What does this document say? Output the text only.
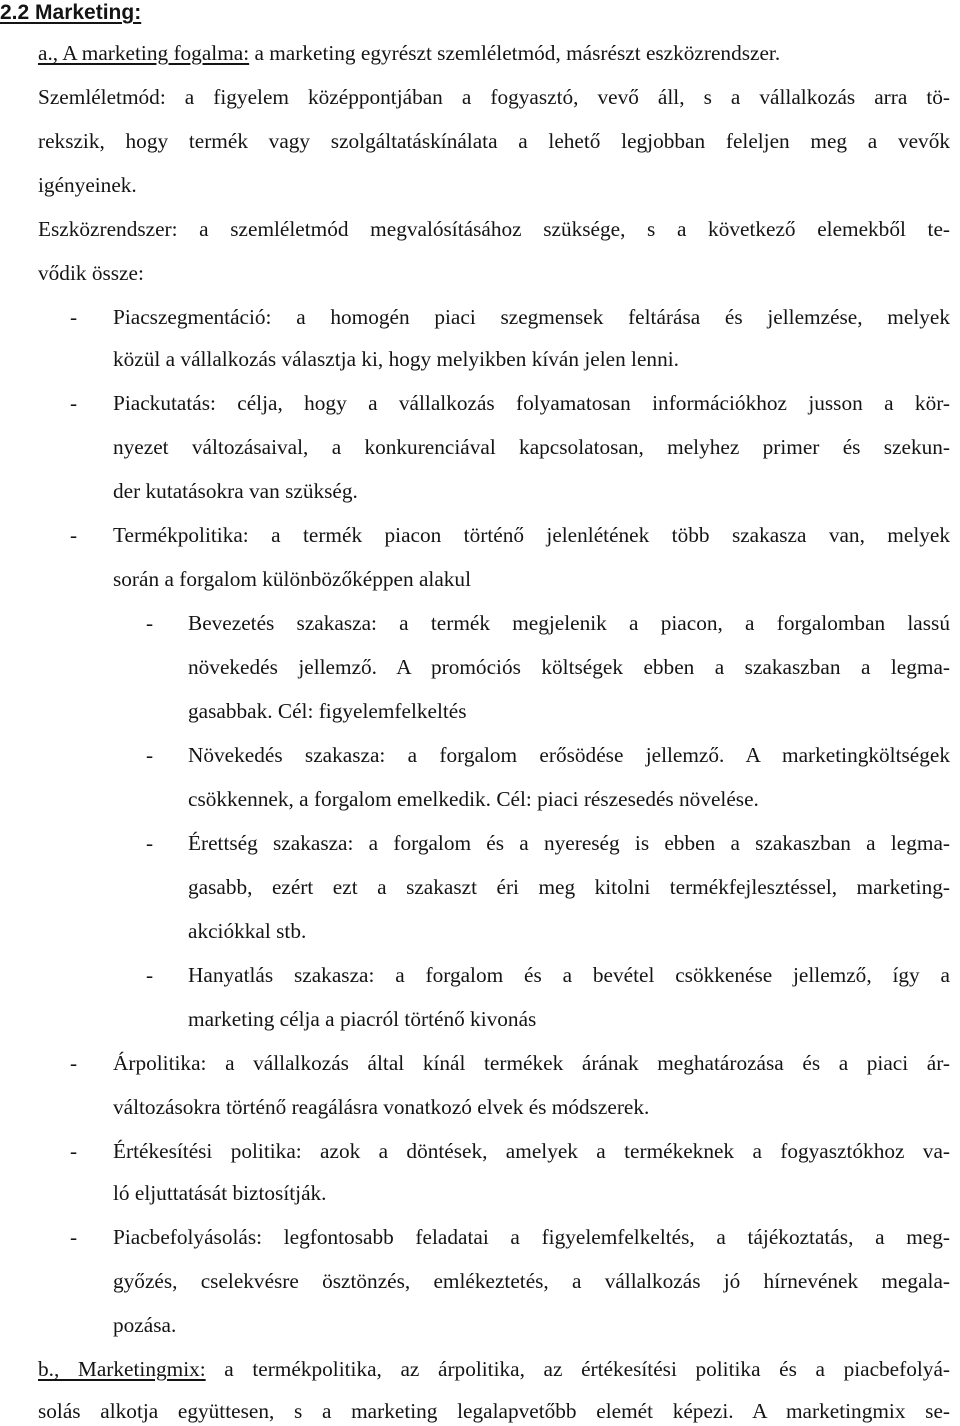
2.2 Marketing:
a., A marketing fogalma: a marketing egyrészt szemléletmód, másrészt eszközrendszer.
Szemléletmód: a figyelem középpontjában a fogyasztó, vevő áll, s a vállalkozás arra tö-
rekszik, hogy termék vagy szolgáltatáskínálata a lehető legjobban feleljen meg a vevők
igényeinek.
Eszközrendszer: a szemléletmód megvalósításához szüksége, s a következő elemekből te-
vődik össze:
- Piacszegmentáció: a homogén piaci szegmensek feltárása és jellemzése, melyek
közül a vállalkozás választja ki, hogy melyikben kíván jelen lenni.
- Piackutatás: célja, hogy a vállalkozás folyamatosan információkhoz jusson a kör-
nyezet változásaival, a konkurenciával kapcsolatosan, melyhez primer és szekun-
der kutatásokra van szükség.
- Termékpolitika: a termék piacon történő jelenlétének több szakasza van, melyek
során a forgalom különbözőképpen alakul
- Bevezetés szakasza: a termék megjelenik a piacon, a forgalomban lassú
növekedés jellemző. A promóciós költségek ebben a szakaszban a legma-
gasabbak. Cél: figyelemfelkeltés
- Növekedés szakasza: a forgalom erősödése jellemző. A marketingköltségek
csökkennek, a forgalom emelkedik. Cél: piaci részesedés növelése.
- Érettség szakasza: a forgalom és a nyereség is ebben a szakaszban a legma-
gasabb, ezért ezt a szakaszt éri meg kitolni termékfejlesztéssel, marketing-
akciókkal stb.
- Hanyatlás szakasza: a forgalom és a bevétel csökkenése jellemző, így a
marketing célja a piacról történő kivonás
- Árpolitika: a vállalkozás által kínál termékek árának meghatározása és a piaci ár-
változásokra történő reagálásra vonatkozó elvek és módszerek.
- Értékesítési politika: azok a döntések, amelyek a termékeknek a fogyasztókhoz va-
ló eljuttatását biztosítják.
- Piacbefolyásolás: legfontosabb feladatai a figyelemfelkeltés, a tájékoztatás, a meg-
győzés, cselekvésre ösztönzés, emlékeztetés, a vállalkozás jó hírnevének megala-
pozása.
b., Marketingmix: a termékpolitika, az árpolitika, az értékesítési politika és a piacbefolyá-
solás alkotja együttesen, s a marketing legalapvetőbb elemét képezi. A marketingmix se-
